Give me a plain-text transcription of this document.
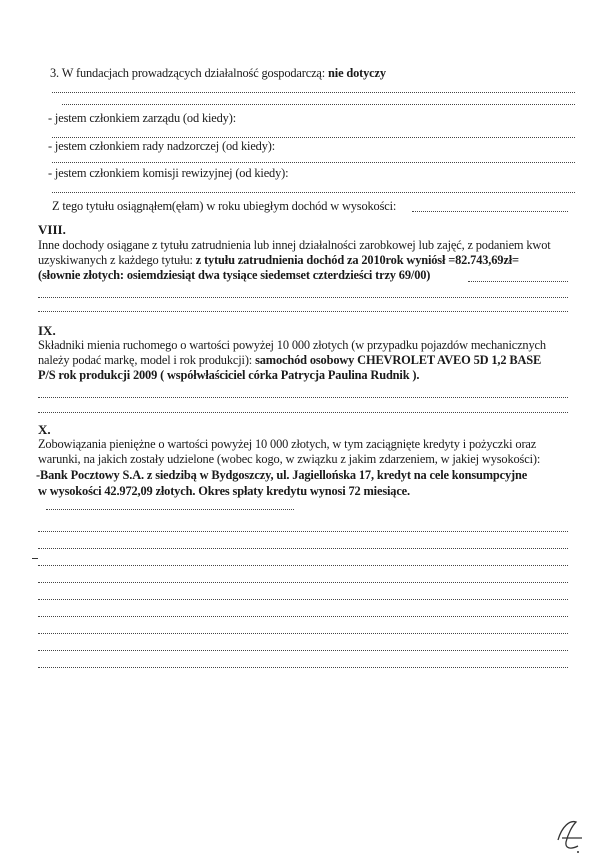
3. W fundacjach prowadzących działalność gospodarczą: nie dotyczy
- jestem członkiem zarządu (od kiedy):
- jestem członkiem rady nadzorczej (od kiedy):
- jestem członkiem komisji rewizyjnej (od kiedy):
Z tego tytułu osiągnąłem(ęłam) w roku ubiegłym dochód w wysokości:
VIII.
Inne dochody osiągane z tytułu zatrudnienia lub innej działalności zarobkowej lub zajęć, z podaniem kwot
uzyskiwanych z każdego tytułu: z tytułu zatrudnienia dochód za 2010rok wyniósł =82.743,69zł=
(słownie złotych: osiemdziesiąt dwa tysiące siedemset czterdzieści trzy 69/00)
IX.
Składniki mienia ruchomego o wartości powyżej 10 000 złotych (w przypadku pojazdów mechanicznych
należy podać markę, model i rok produkcji): samochód osobowy CHEVROLET AVEO 5D 1,2 BASE
P/S rok produkcji 2009 ( współwłaściciel córka Patrycja Paulina Rudnik ).
X.
Zobowiązania pieniężne o wartości powyżej 10 000 złotych, w tym zaciągnięte kredyty i pożyczki oraz
warunki, na jakich zostały udzielone (wobec kogo, w związku z jakim zdarzeniem, w jakiej wysokości):
-Bank Pocztowy S.A. z siedzibą w Bydgoszczy, ul. Jagiellońska 17, kredyt na cele konsumpcyjne
w wysokości 42.972,09 złotych. Okres spłaty kredytu wynosi 72 miesiące.
